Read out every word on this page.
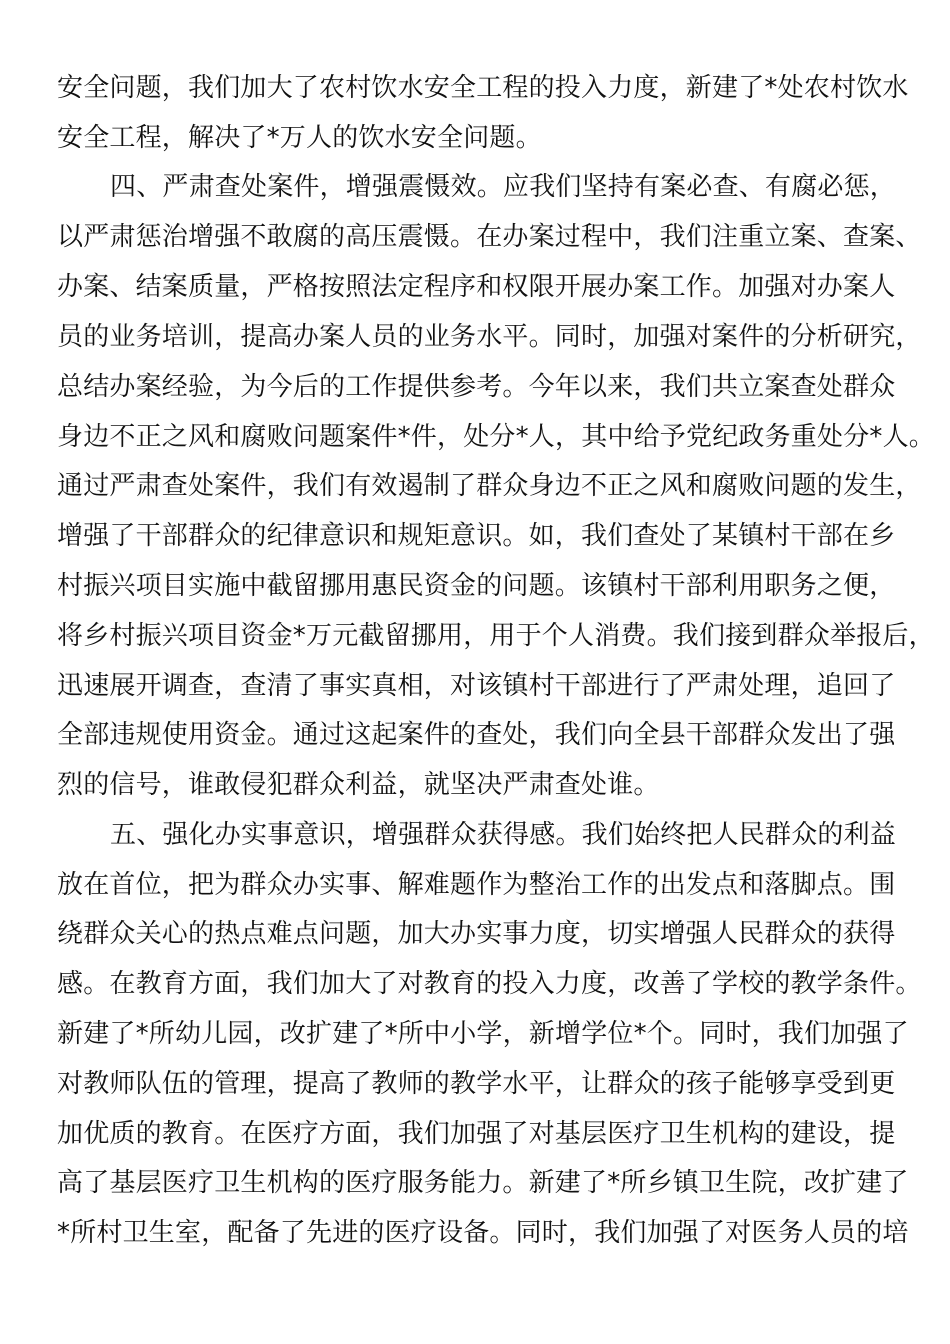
安全问题，我们加大了农村饮水安全工程的投入力度，新建了*处农村饮水
安全工程，解决了*万人的饮水安全问题。
四、严肃查处案件，增强震慑效。应我们坚持有案必查、有腐必惩，
以严肃惩治增强不敢腐的高压震慑。在办案过程中，我们注重立案、查案、
办案、结案质量，严格按照法定程序和权限开展办案工作。加强对办案人
员的业务培训，提高办案人员的业务水平。同时，加强对案件的分析研究，
总结办案经验，为今后的工作提供参考。今年以来，我们共立案查处群众
身边不正之风和腐败问题案件*件，处分*人，其中给予党纪政务重处分*人。
通过严肃查处案件，我们有效遏制了群众身边不正之风和腐败问题的发生，
增强了干部群众的纪律意识和规矩意识。如，我们查处了某镇村干部在乡
村振兴项目实施中截留挪用惠民资金的问题。该镇村干部利用职务之便，
将乡村振兴项目资金*万元截留挪用，用于个人消费。我们接到群众举报后，
迅速展开调查，查清了事实真相，对该镇村干部进行了严肃处理，追回了
全部违规使用资金。通过这起案件的查处，我们向全县干部群众发出了强
烈的信号，谁敢侵犯群众利益，就坚决严肃查处谁。
五、强化办实事意识，增强群众获得感。我们始终把人民群众的利益
放在首位，把为群众办实事、解难题作为整治工作的出发点和落脚点。围
绕群众关心的热点难点问题，加大办实事力度，切实增强人民群众的获得
感。在教育方面，我们加大了对教育的投入力度，改善了学校的教学条件。
新建了*所幼儿园，改扩建了*所中小学，新增学位*个。同时，我们加强了
对教师队伍的管理，提高了教师的教学水平，让群众的孩子能够享受到更
加优质的教育。在医疗方面，我们加强了对基层医疗卫生机构的建设，提
高了基层医疗卫生机构的医疗服务能力。新建了*所乡镇卫生院，改扩建了
*所村卫生室，配备了先进的医疗设备。同时，我们加强了对医务人员的培
